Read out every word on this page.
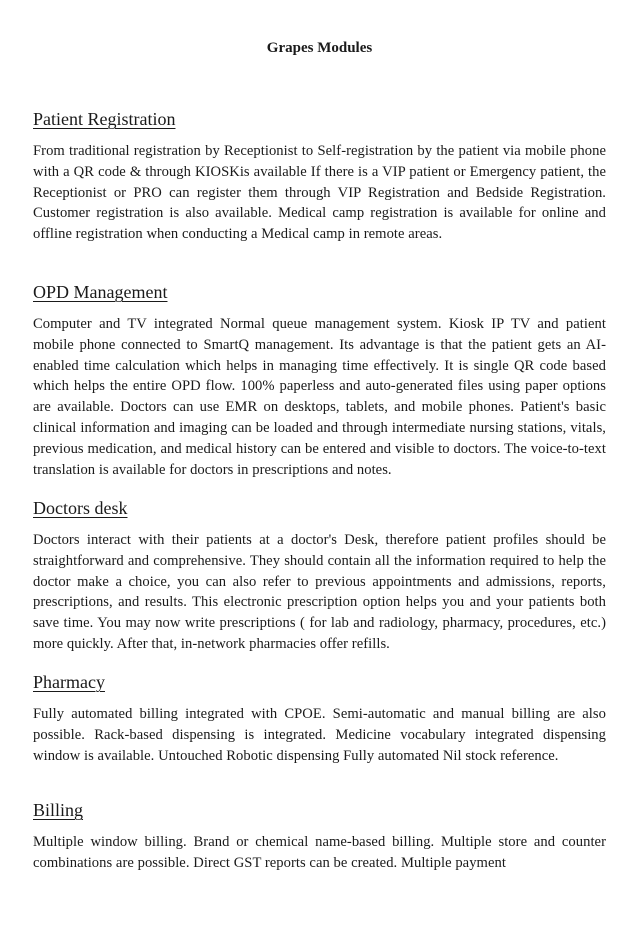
Grapes Modules
Patient Registration

From traditional registration by Receptionist to Self-registration by the patient via mobile phone with a QR code & through KIOSKis available If there is a VIP patient or Emergency patient, the Receptionist or PRO can register them through VIP Registration and Bedside Registration. Customer registration is also available. Medical camp registration is available for online and offline registration when conducting a Medical camp in remote areas.

OPD Management

Computer and TV integrated Normal queue management system. Kiosk IP TV and patient mobile phone connected to SmartQ management. Its advantage is that the patient gets an AI-enabled time calculation which helps in managing time effectively. It is single QR code based which helps the entire OPD flow. 100% paperless and auto-generated files using paper options are available. Doctors can use EMR on desktops, tablets, and mobile phones. Patient's basic clinical information and imaging can be loaded and through intermediate nursing stations, vitals, previous medication, and medical history can be entered and visible to doctors. The voice-to-text translation is available for doctors in prescriptions and notes.

Doctors desk

Doctors interact with their patients at a doctor's Desk, therefore patient profiles should be straightforward and comprehensive. They should contain all the information required to help the doctor make a choice, you can also refer to previous appointments and admissions, reports, prescriptions, and results. This electronic prescription option helps you and your patients both save time. You may now write prescriptions ( for lab and radiology, pharmacy, procedures, etc.) more quickly. After that, in-network pharmacies offer refills.

Pharmacy

Fully automated billing integrated with CPOE. Semi-automatic and manual billing are also possible. Rack-based dispensing is integrated. Medicine vocabulary integrated dispensing window is available. Untouched Robotic dispensing Fully automated Nil stock reference.

Billing

Multiple window billing. Brand or chemical name-based billing. Multiple store and counter combinations are possible. Direct GST reports can be created. Multiple payment
